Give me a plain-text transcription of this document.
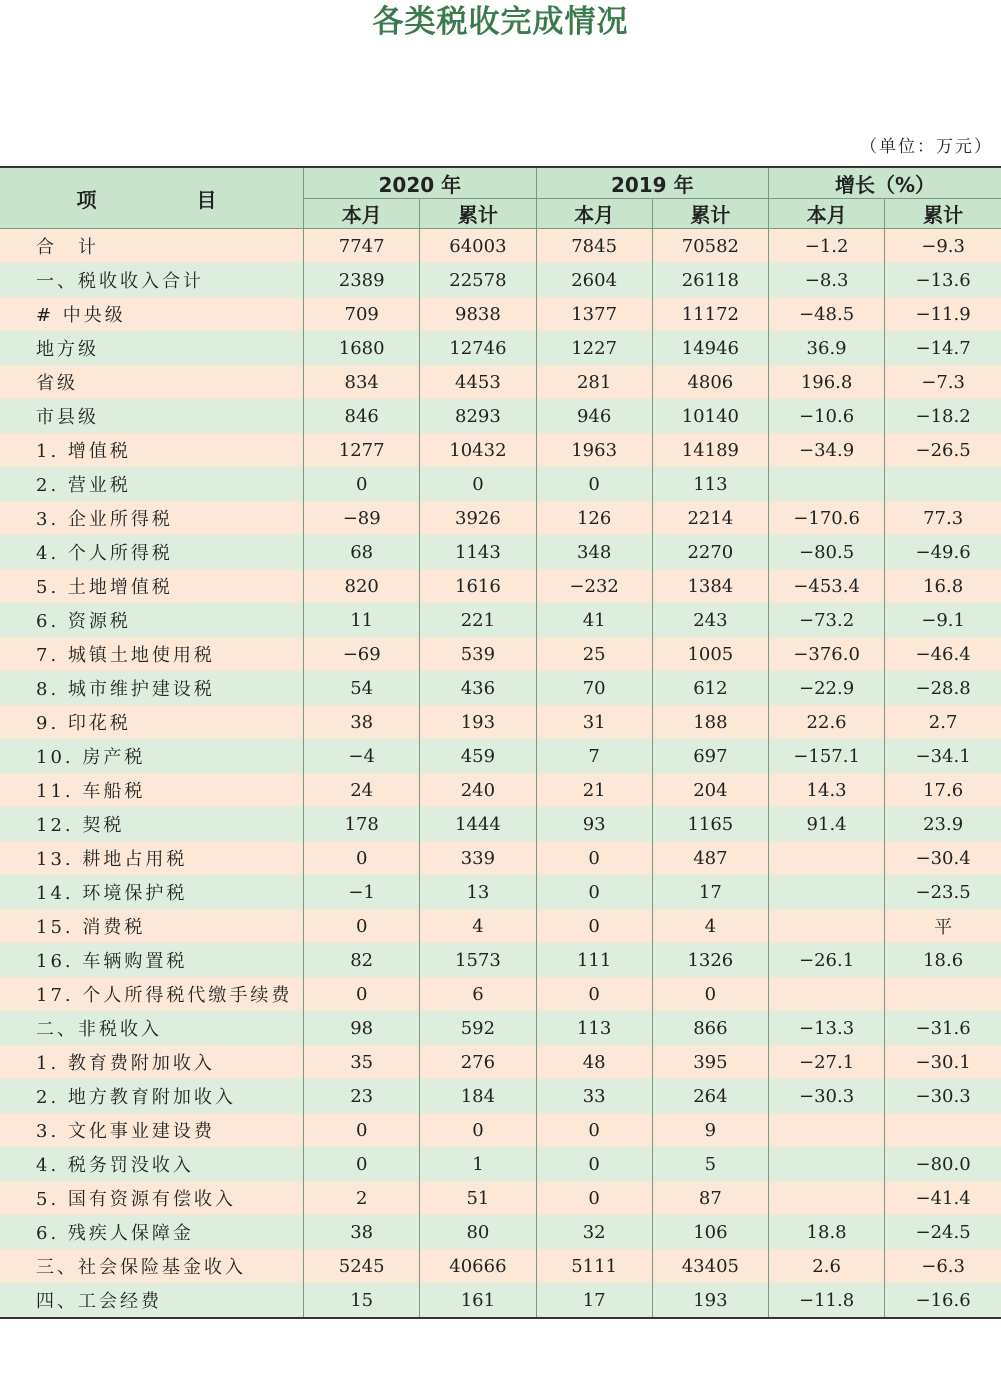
各类税收完成情况
（单位：万元）
项　目	2020 年		2019 年		增长（%）	
	本月	累计	本月	累计	本月	累计
合　计	7747	64003	7845	70582	−1.2	−9.3
一、税收收入合计	2389	22578	2604	26118	−8.3	−13.6
# 中央级	709	9838	1377	11172	−48.5	−11.9
地方级	1680	12746	1227	14946	36.9	−14.7
省级	834	4453	281	4806	196.8	−7.3
市县级	846	8293	946	10140	−10.6	−18.2
1. 增值税	1277	10432	1963	14189	−34.9	−26.5
2. 营业税	0	0	0	113		
3. 企业所得税	−89	3926	126	2214	−170.6	77.3
4. 个人所得税	68	1143	348	2270	−80.5	−49.6
5. 土地增值税	820	1616	−232	1384	−453.4	16.8
6. 资源税	11	221	41	243	−73.2	−9.1
7. 城镇土地使用税	−69	539	25	1005	−376.0	−46.4
8. 城市维护建设税	54	436	70	612	−22.9	−28.8
9. 印花税	38	193	31	188	22.6	2.7
10. 房产税	−4	459	7	697	−157.1	−34.1
11. 车船税	24	240	21	204	14.3	17.6
12. 契税	178	1444	93	1165	91.4	23.9
13. 耕地占用税	0	339	0	487		−30.4
14. 环境保护税	−1	13	0	17		−23.5
15. 消费税	0	4	0	4		平
16. 车辆购置税	82	1573	111	1326	−26.1	18.6
17. 个人所得税代缴手续费	0	6	0	0		
二、非税收入	98	592	113	866	−13.3	−31.6
1. 教育费附加收入	35	276	48	395	−27.1	−30.1
2. 地方教育附加收入	23	184	33	264	−30.3	−30.3
3. 文化事业建设费	0	0	0	9		
4. 税务罚没收入	0	1	0	5		−80.0
5. 国有资源有偿收入	2	51	0	87		−41.4
6. 残疾人保障金	38	80	32	106	18.8	−24.5
三、社会保险基金收入	5245	40666	5111	43405	2.6	−6.3
四、工会经费	15	161	17	193	−11.8	−16.6
